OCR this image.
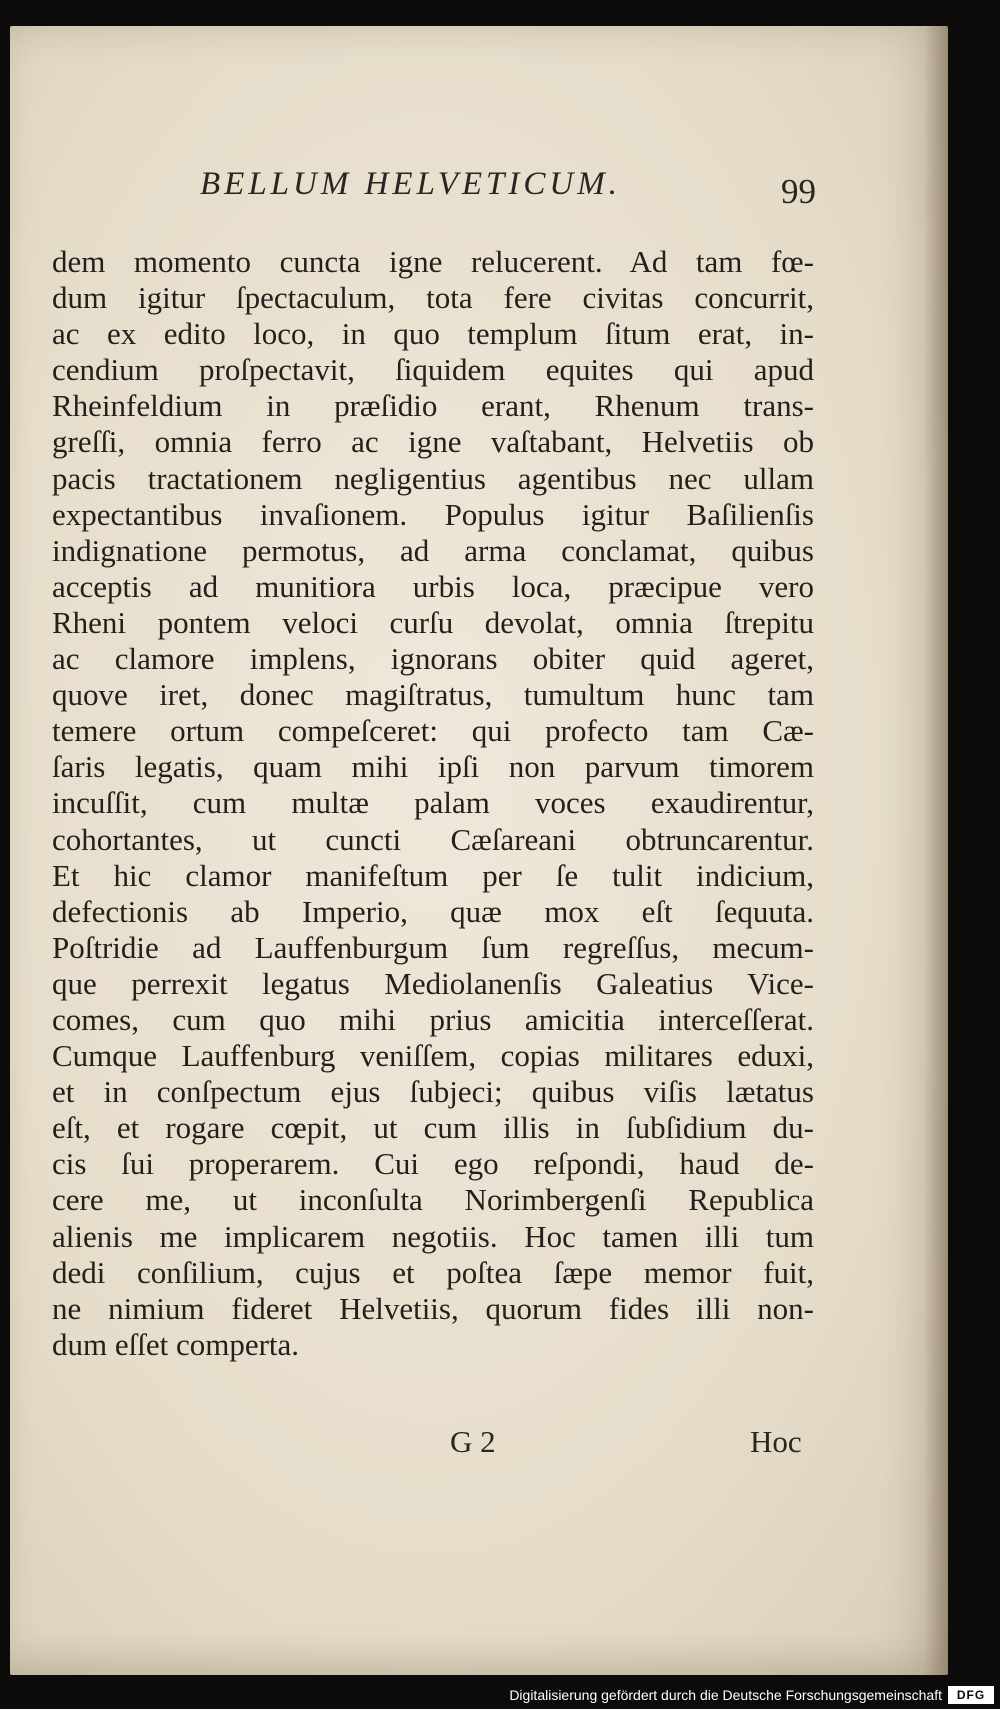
BELLUM HELVETICUM.	99
dem momento cuncta igne relucerent. Ad tam fœ-
dum igitur ſpectaculum, tota fere civitas concurrit,
ac ex edito loco, in quo templum ſitum erat, in-
cendium proſpectavit, ſiquidem equites qui apud
Rheinfeldium in præſidio erant, Rhenum trans-
greſſi, omnia ferro ac igne vaſtabant, Helvetiis ob
pacis tractationem negligentius agentibus nec ullam
expectantibus invaſionem. Populus igitur Baſilienſis
indignatione permotus, ad arma conclamat, quibus
acceptis ad munitiora urbis loca, præcipue vero
Rheni pontem veloci curſu devolat, omnia ſtrepitu
ac clamore implens, ignorans obiter quid ageret,
quove iret, donec magiſtratus, tumultum hunc tam
temere ortum compeſceret: qui profecto tam Cæ-
ſaris legatis, quam mihi ipſi non parvum timorem
incuſſit, cum multæ palam voces exaudirentur,
cohortantes, ut cuncti Cæſareani obtruncarentur.
Et hic clamor manifeſtum per ſe tulit indicium,
defectionis ab Imperio, quæ mox eſt ſequuta.
Poſtridie ad Lauffenburgum ſum regreſſus, mecum-
que perrexit legatus Mediolanenſis Galeatius Vice-
comes, cum quo mihi prius amicitia interceſſerat.
Cumque Lauffenburg veniſſem, copias militares eduxi,
et in conſpectum ejus ſubjeci; quibus viſis lætatus
eſt, et rogare cœpit, ut cum illis in ſubſidium du-
cis ſui properarem. Cui ego reſpondi, haud de-
cere me, ut inconſulta Norimbergenſi Republica
alienis me implicarem negotiis. Hoc tamen illi tum
dedi conſilium, cujus et poſtea ſæpe memor fuit,
ne nimium fideret Helvetiis, quorum fides illi non-
dum eſſet comperta.
G 2	Hoc
Digitalisierung gefördert durch die Deutsche Forschungsgemeinschaft	DFG
